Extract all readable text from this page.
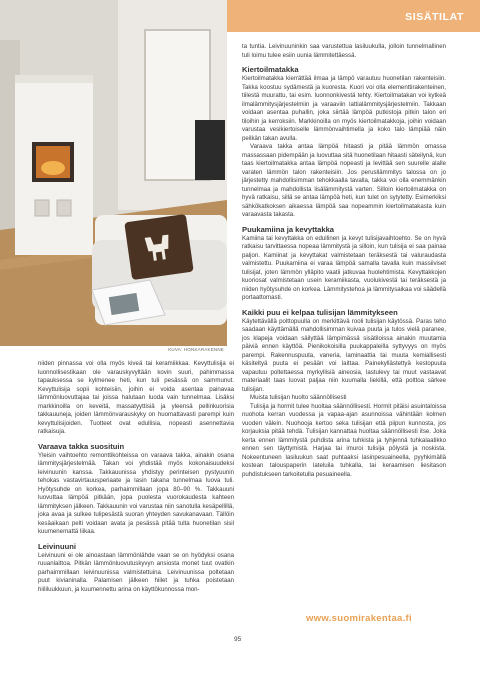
SISÄTILAT
KUVA: HONKARAKENNE

niiden pinnassa voi olla myös kiveä tai keramiikkaa. Kevyttulisija ei luonnollisestikaan ole varauskyvyltään kovin suuri, pahimmassa tapauksessa se kylmenee heti, kun tuli pesässä on sammunut. Kevyttulisija sopii kohteisiin, joihin ei voida asentaa painavaa lämmönluovuttajaa tai joissa halutaan luoda vain tunnelmaa. Lisäksi markkinoilla on keveitä, massatyyttisiä ja yleensä pellinkuorisia takkauuneja, joiden lämmönvarauskyky on huomattavasti parempi kuin kevyttulisijoiden. Tuotteet ovat edullisia, nopeasti asennettavia ratkaisuja.

Varaava takka suosituin

Yleisin vaihtoehto remonttikohteissa on varaava takka, ainakin osana lämmitysjärjestelmää. Takan voi yhdistää myös kokonaisuudeksi leivinuunin kanssa. Takkauunissa yhdistyy perinteisen pystyuunin tehokas vastavirtauusperiaate ja lasin takana tunnelmaa luova tuli. Hyötysuhde on korkea, parhaimmillaan jopa 80–90 %. Takkauuni luovuttaa lämpöä pitkään, jopa puolesta vuorokaudesta kahteen lämmityksen jälkeen. Takkauunin voi varustaa niin sanotulla kesäpellillä, joka avaa ja sulkee tulipesästä suoran yhteyden savukanavaan. Tällöin kesäaikaan pelti voidaan avata ja pesässä pitää tulta huonetilan sisil kuumenemattä liikaa.

Leivinuuni

Leivinuuni ei ole ainoastaan lämmönlähde vaan se on hyödyksi osana ruuanlaittoa. Pitkän lämmönluovutuskyvyn ansiosta monet tuut ovatkin parhaimmillaan leivinuunissa valmistettuina. Leivinuunissa poltetaan puut kivianinalla. Palamisen jälkeen hiilet ja tuhka poistetaan hiililuukkuun, ja kuumennettu arina on käyttökunnossa mon-

ta tuntia. Leivinuuninkin saa varustettua lasiluukulla, jolloin tunnelmallinen tuli loimu tulee esiin uunia lämmitettäessä.

Kiertoilmatakka

Kiertoilmatakka kierrättää ilmaa ja lämpö varautuu huonetilan rakenteisiin. Takka koostuu sydämestä ja kuoresta. Kuori voi olla elementtirakenteinen, tiilestä muurattu, tai esim. luonnonkivestä tehty. Kiertoilmatakan voi kytkeä ilmalämmitysjärjestelmiin ja varaaviin lattialämmitysjärjestelmiin. Takkaan voidaan asentaa puhallin, joka siirtää lämpöä putkistoja pitkin talon eri tiloihin ja kerroksiin. Markkinoilla on myös kiertoilmatakkoja, joihin voidaan varustaa vesikiertoiselle lämmönvaihtimella ja koko talo lämpiää näin peilkän takan avulla.

Varaava takka antaa lämpöä hitaasti ja pitää lämmön omassa massassaan pidempään ja luovuttaa sitä huonetilaan hitaasti säteilynä, kun taas kiertoilmatakka antaa lämpöä nopeasti ja levittää sen suurelle alalle varaten lämmön talon rakenteisiin. Jos perusllämmitys talossa on jo järjestetty mahdollisimman tehokkaalla tavalla, takka voi olla enemmänkin tunnelmaa ja mahdollista lisälämmitystä varten. Silloin kiertoilmatakka on hyvä ratkaisu, sillä se antaa lämpöä heti, kun tulet on sytytetty. Esimerkiksi sähkökatkoksen aikaessa lämpöä saa nopeammin kiertoilmatakasta kuin varaavasta takasta.

Puukamiina ja kevyttakka

Kamiina tai kevyttakka on edullinen ja kevyt tulisijavaihtoehto. Se on hyvä ratkaisu tarvittaessa nopeaa lämmitystä ja silloin, kun tulisija ei saa painaa paljon. Kamiinat ja kevyttakat valmistetaan teräksestä tai valuraudasta valmistettu. Puukamiina ei varaa lämpöä samalla tavalla kuin massiiviset tulisijat, joten lämmön ylläpito vaatii jatkuvaa huolehtimista. Kevyttakkojen kuoriosat valmistetaan usein keramiikasta, vuolukivestä tai teräksestä ja niiden hyötysuhde on korkea. Lämmitystehoa ja lämmitysaikaa voi säädellä portaattomasti.

Kaikki puu ei kelpaa tulisijan lämmitykseen

Käytettävällä polttopuulla on merkittävä rooli tulisijan käytössä. Paras teho saadaan käyttämällä mahdollisimman kuivaa puuta ja tulos vielä paranee, jos klapeja voidaan säilyttää lämpimässä sisätiloissa ainakin muutamia päiviä ennen käyttöä. Pienikokoisilla puukappaleilla syttyvyys on myös parempi. Rakennuspuuta, vaneria, laminaattia tai muuta kemiallisesti käsiteltyä puuta ei pesään voi laittaa. Painekyllästettyä kestopuuta vapautuu poltettaessa myrkyllisiä aineosia, lastulevy tai muut vastaavat materiaalit taas luovat paljaa niin kuumalla liekillä, että polttoa särkee tulisijan.

Muista tulisijan huolto säännöllisesti

Tulisija ja hormit tulee huoltaa säännöllisesti. Hormit pitäisi asuintaloissa nuohota kerran vuodessa ja vapaa-ajan asunnoissa vähintään kolmen vuoden välein. Nuohooja kertoo seka tulisijan että piipun kunnosta, jos korjauksia pitää tehdä. Tulisijan kannattaa huoltaa säännöllisesti itse. Joka kerta ennen lämmitystä puhdista arina tuhkista ja tyhjennä tuhkalaatikko ennen sen täyttymistä. Harjaa tai imuroi tulisija pölystä ja noskista. Nokeentuneen lasiluukun saat puhtaaksi lasinpesuaineella, pyyhkimällä kostean talouspaperin lateluila tuhkalla, tai keraamisen liesitason puhdistukseen tarkoitetulla pesuaineella.

www.suomirakentaa.fi
95
